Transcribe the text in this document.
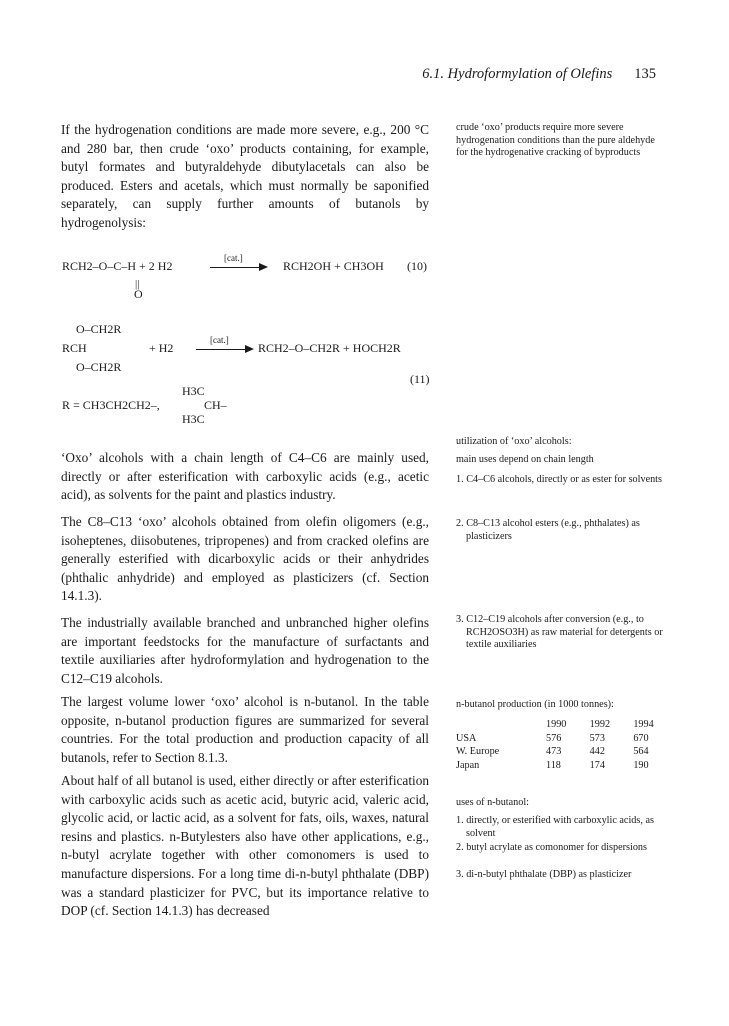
6.1. Hydroformylation of Olefins 135

If the hydrogenation conditions are made more severe, e.g., 200 °C and 280 bar, then crude ‘oxo’ products containing, for example, butyl formates and butyraldehyde dibutylacetals can also be produced. Esters and acetals, which must normally be saponified separately, can supply further amounts of butanols by hydrogenolysis:

RCH2–O–C–H + 2 H2
||
O
[cat.]
RCH2OH + CH3OH (10)
O–CH2R
RCH
O–CH2R
+ H2
[cat.]
RCH2–O–CH2R + HOCH2R
(11)
R = CH3CH2CH2–,
H3C
CH–
H3C

‘Oxo’ alcohols with a chain length of C4–C6 are mainly used, directly or after esterification with carboxylic acids (e.g., acetic acid), as solvents for the paint and plastics industry.

The C8–C13 ‘oxo’ alcohols obtained from olefin oligomers (e.g., isoheptenes, diisobutenes, tripropenes) and from cracked olefins are generally esterified with dicarboxylic acids or their anhydrides (phthalic anhydride) and employed as plasticizers (cf. Section 14.1.3).

The industrially available branched and unbranched higher olefins are important feedstocks for the manufacture of surfactants and textile auxiliaries after hydroformylation and hydrogenation to the C12–C19 alcohols.

The largest volume lower ‘oxo’ alcohol is n-butanol. In the table opposite, n-butanol production figures are summarized for several countries. For the total production and production capacity of all butanols, refer to Section 8.1.3.

About half of all butanol is used, either directly or after esterification with carboxylic acids such as acetic acid, butyric acid, valeric acid, glycolic acid, or lactic acid, as a solvent for fats, oils, waxes, natural resins and plastics. n-Butylesters also have other applications, e.g., n-butyl acrylate together with other comonomers is used to manufacture dispersions. For a long time di-n-butyl phthalate (DBP) was a standard plasticizer for PVC, but its importance relative to DOP (cf. Section 14.1.3) has decreased

crude ‘oxo’ products require more severe hydrogenation conditions than the pure aldehyde for the hydrogenative cracking of byproducts

utilization of ‘oxo’ alcohols:

main uses depend on chain length

1. C4–C6 alcohols, directly or as ester for solvents

2. C8–C13 alcohol esters (e.g., phthalates) as plasticizers

3. C12–C19 alcohols after conversion (e.g., to RCH2OSO3H) as raw material for detergents or textile auxiliaries

n-butanol production (in 1000 tonnes):

	1990	1992	1994
USA	576	573	670
W. Europe	473	442	564
Japan	118	174	190

uses of n-butanol:

1. directly, or esterified with carboxylic acids, as solvent

2. butyl acrylate as comonomer for dispersions

3. di-n-butyl phthalate (DBP) as plasticizer
